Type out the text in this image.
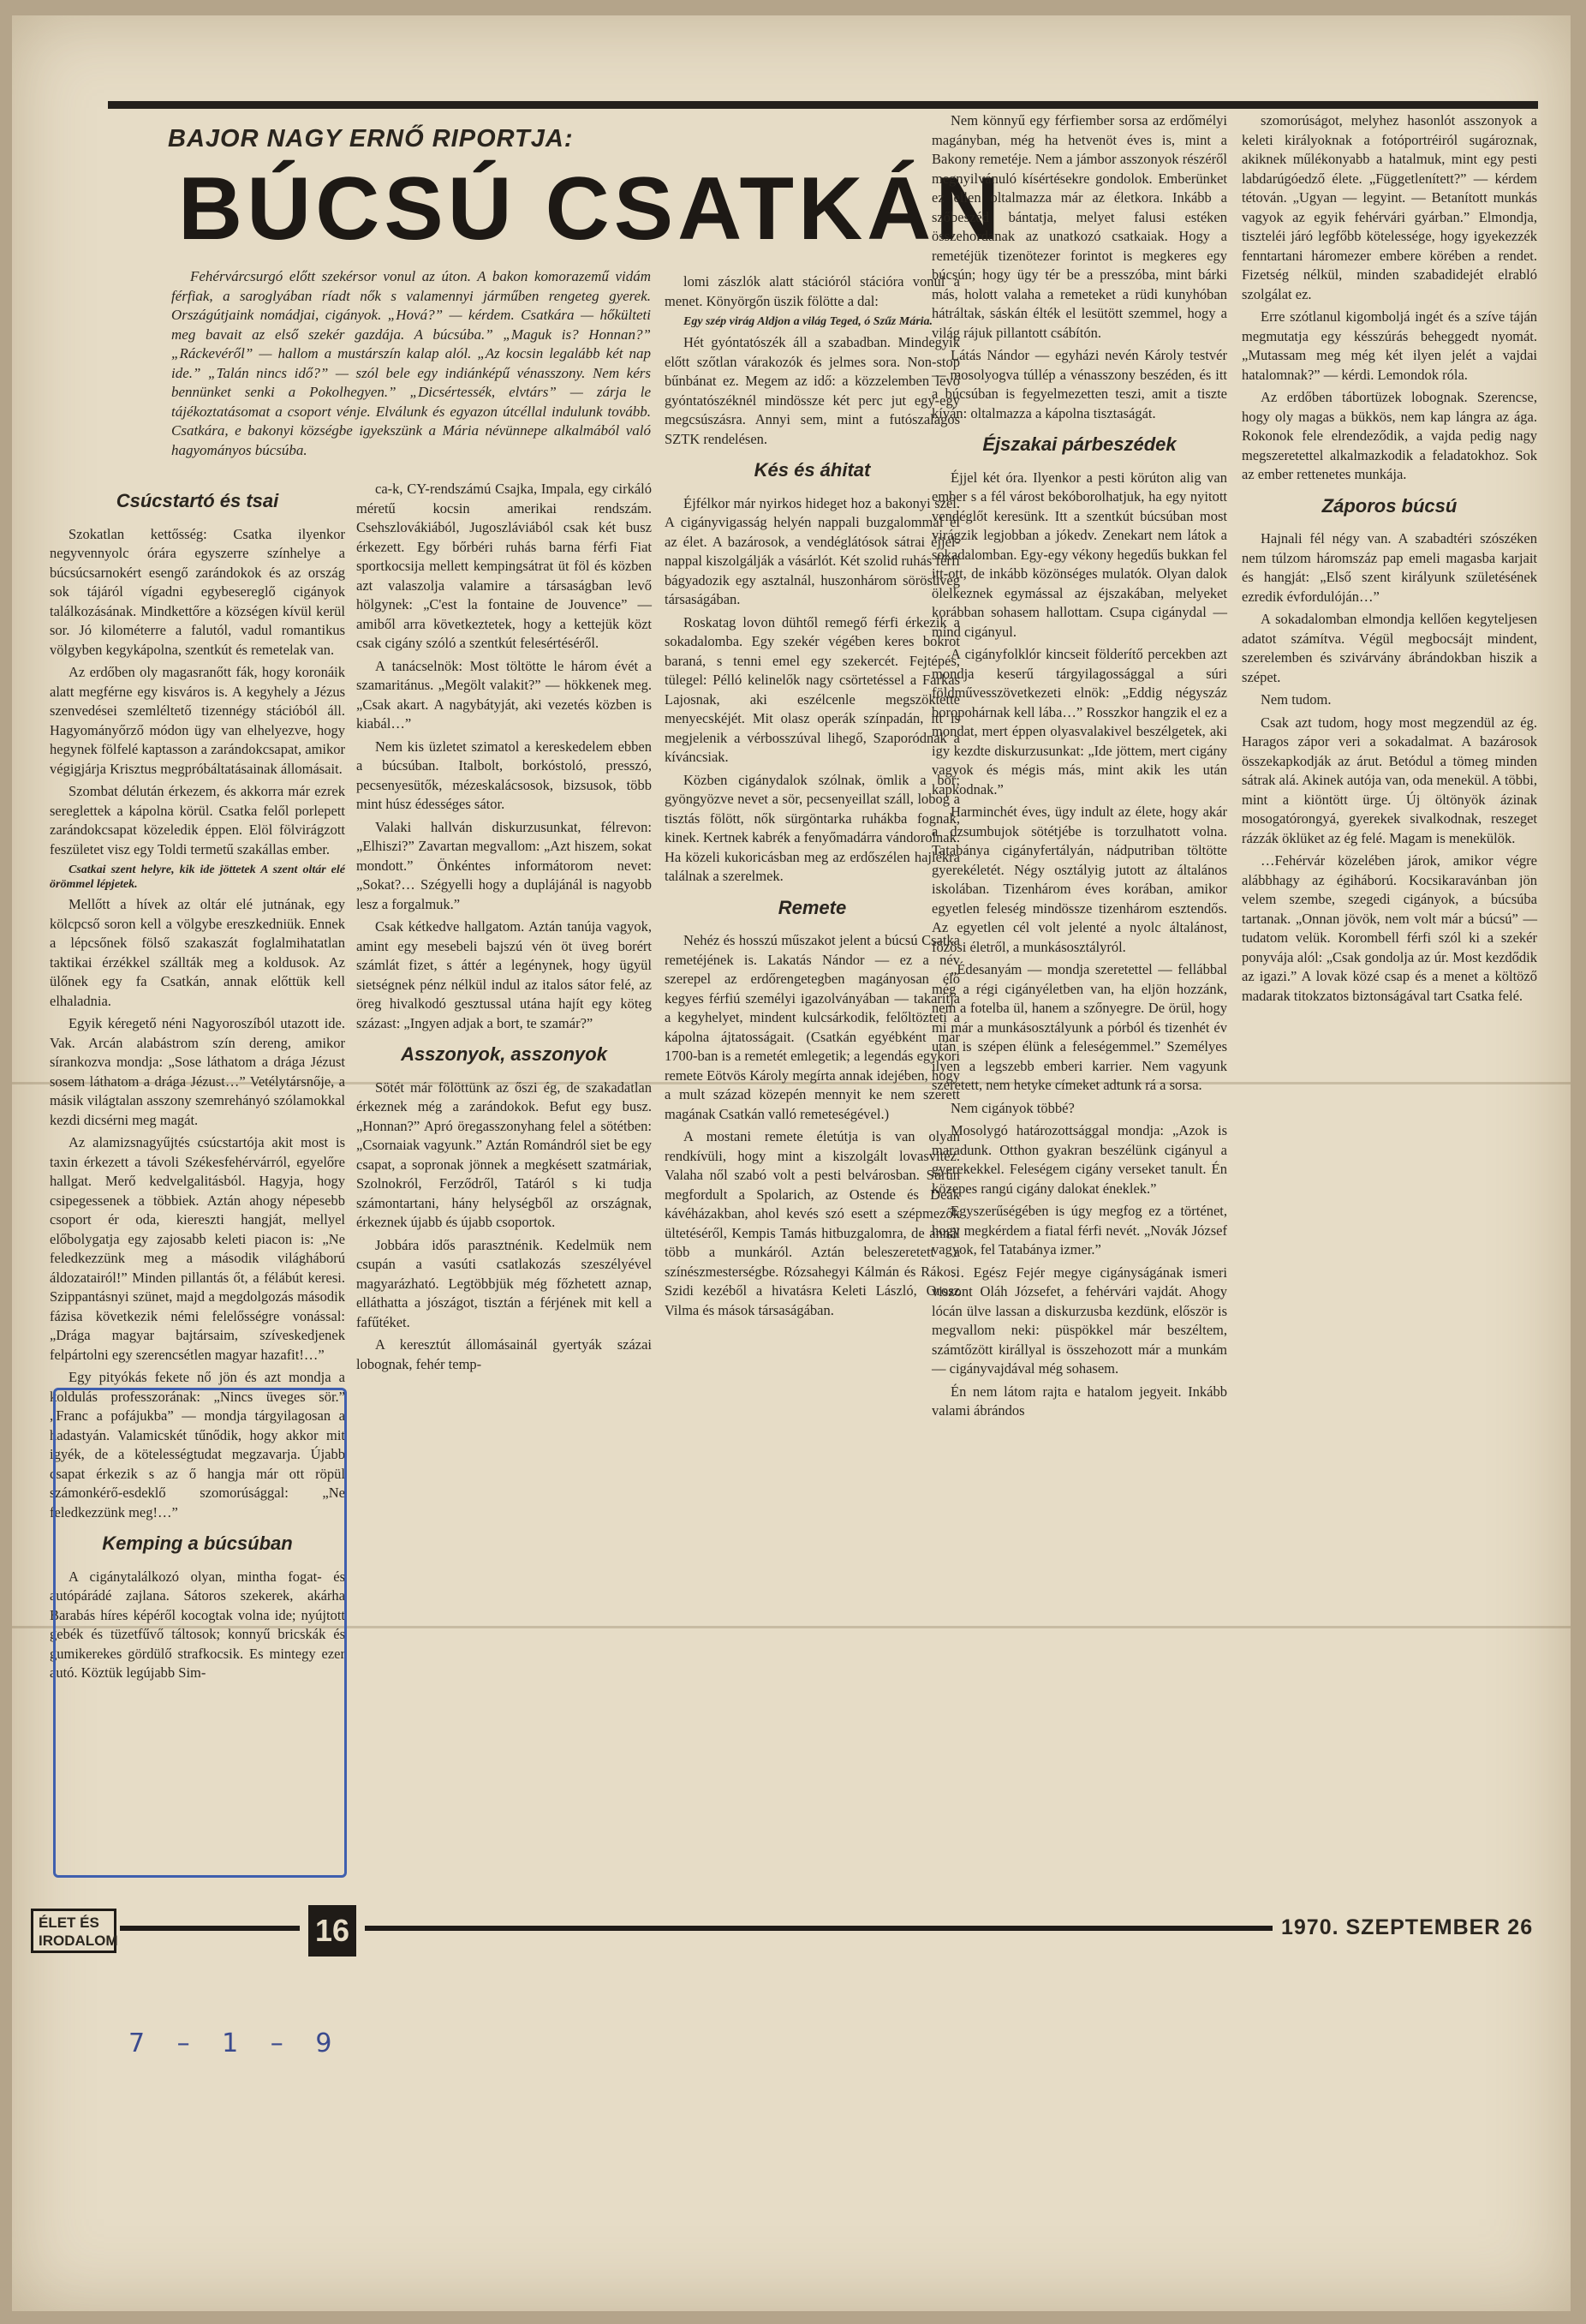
BAJOR NAGY ERNŐ RIPORTJA:
BÚCSÚ CSATKÁN

Fehérvárcsurgó előtt szekérsor vonul az úton. A bakon komorazemű vidám férfiak, a saroglyában ríadt nők s valamennyi járműben rengeteg gyerek. Országútjaink nomádjai, cigányok. „Hová?” — kérdem. Csatkára — hőkülteti meg bavait az első szekér gazdája. A búcsúba.” „Maguk is? Honnan?” „Ráckevéről” — hallom a mustárszín kalap alól. „Az kocsin legalább két nap ide.” „Talán nincs idő?” — szól bele egy indiánképű vénasszony. Nem kérs bennünket senki a Pokolhegyen.” „Dicsértessék, elvtárs” — zárja le tájékoztatásomat a csoport vénje. Elválunk és egyazon útcéllal indulunk tovább. Csatkára, e bakonyi községbe igyekszünk a Mária névünnepe alkalmából való hagyományos búcsúba.

Csúcstartó és tsai

Szokatlan kettősség: Csatka ilyenkor negyvennyolc órára egyszerre színhelye a búcsúcsarnokért esengő zarándokok és az ország sok tájáról vígadni egybesereglő cigányok találkozásának. Mindkettőre a községen kívül kerül sor. Jó kilométerre a falutól, vadul romantikus völgyben kegykápolna, szentkút és remetelak van.

Az erdőben oly magasranőtt fák, hogy koronáik alatt megférne egy kisváros is. A kegyhely a Jézus szenvedései szemléltető tizennégy stációból áll. Hagyományőrző módon ügy van elhelyezve, hogy hegynek fölfelé kaptasson a zarándokcsapat, amikor végigjárja Krisztus megpróbáltatásainak állomásait.

Szombat délután érkezem, és akkorra már ezrek sereglettek a kápolna körül. Csatka felől porlepett zarándokcsapat közeledik éppen. Elöl fölvirágzott feszületet visz egy Toldi termetű szakállas ember.

Csatkai szent helyre, kik ide jöttetek A szent oltár elé örömmel lépjetek.

Mellőtt a hívek az oltár elé jutnának, egy kölcpcső soron kell a völgybe ereszkedniük. Ennek a lépcsőnek fölső szakaszát foglalmihatatlan taktikai érzékkel szállták meg a koldusok. Az ülőnek egy fa Csatkán, annak előttük kell elhaladnia.

Egyik kéregető néni Nagyoroszíból utazott ide. Vak. Arcán alabástrom szín dereng, amikor sírankozva mondja: „Sose láthatom a drága Jézust sosem láthatom a drága Jézust…” Vetélytársnője, a másik világtalan asszony szemrehányó szólamokkal kezdi dicsérni meg magát.

Az alamizsnagyűjtés csúcstartója akit most is taxin érkezett a távoli Székesfehérvárról, egyelőre hallgat. Merő kedvelgalitásból. Hagyja, hogy csipegessenek a többiek. Aztán ahogy népesebb csoport ér oda, kiereszti hangját, mellyel előbolygatja egy zajosabb keleti piacon is: „Ne feledkezzünk meg a második világháború áldozatairól!” Minden pillantás őt, a félábút keresi. Szippantásnyi szünet, majd a megdolgozás második fázisa következik némi felelősségre vonással: „Drága magyar bajtársaim, szíveskedjenek felpártolni egy szerencsétlen magyar hazafit!…”

Egy pityókás fekete nő jön és azt mondja a koldulás professzorának: „Nincs üveges sör.” „Franc a pofájukba” — mondja tárgyilagosan a hadastyán. Valamicskét tűnődik, hogy akkor mit igyék, de a kötelességtudat megzavarja. Újabb csapat érkezik s az ő hangja már ott röpül számonkérő-esdeklő szomorúsággal: „Ne feledkezzünk meg!…”

Kemping a búcsúban

A cigánytalálkozó olyan, mintha fogat- és autópárádé zajlana. Sátoros szekerek, akárha Barabás híres képéről kocogtak volna ide; nyújtott gebék és tüzetfűvő táltosok; konnyű bricskák és gumikerekes gördülő strafkocsik. Es mintegy ezer autó. Köztük legújabb Sim-

ca-k, CY-rendszámú Csajka, Impala, egy cirkáló méretű kocsin amerikai rendszám. Csehszlovákiából, Jugoszláviából csak két busz érkezett. Egy bőrbéri ruhás barna férfi Fiat sportkocsija mellett kempingsátrat üt föl és közben azt valaszolja valamire a társaságban levő hölgynek: „C'est la fontaine de Jouvence” — amiből arra következtetek, hogy a kettejük közt csak cigány szóló a szentkút felesértéséről.

A tanácselnök: Most töltötte le három évét a szamaritánus. „Megölt valakit?” — hökkenek meg. „Csak akart. A nagybátyját, aki vezetés közben is kiabál…”

Nem kis üzletet szimatol a kereskedelem ebben a búcsúban. Italbolt, borkóstoló, presszó, pecsenyesütők, mézeskalácsosok, bizsusok, több mint húsz édességes sátor.

Valaki hallván diskurzusunkat, félrevon: „Elhiszi?” Zavartan megvallom: „Azt hiszem, sokat mondott.” Önkéntes informátorom nevet: „Sokat?… Szégyelli hogy a duplájánál is nagyobb lesz a forgalmuk.”

Csak kétkedve hallgatom. Aztán tanúja vagyok, amint egy mesebeli bajszú vén öt üveg borért számlát fizet, s áttér a legénynek, hogy ügyül sietségnek pénz nélkül indul az italos sátor felé, az öreg hivalkodó gesztussal utána hajít egy köteg százast: „Ingyen adjak a bort, te szamár?”

Asszonyok, asszonyok

Sötét már fölöttünk az őszi ég, de szakadatlan érkeznek még a zarándokok. Befut egy busz. „Honnan?” Apró öregasszonyhang felel a sötétben: „Csornaiak vagyunk.” Aztán Romándról siet be egy csapat, a sopronak jönnek a megkésett szatmáriak, Szolnokról, Ferződről, Tatáról s ki tudja számontartani, hány helységből az országnak, érkeznek újabb és újabb csoportok.

Jobbára idős parasztnénik. Kedelmük nem csupán a vasúti csatlakozás szeszélyével magyarázható. Legtöbbjük még főzhetett aznap, elláthatta a jószágot, tisztán a férjének mit kell a fafűtéket.

A keresztút állomásainál gyertyák százai lobognak, fehér temp-

lomi zászlók alatt stációról stációra vonul a menet. Könyörgőn üszik fölötte a dal:

Egy szép virág Aldjon a világ Teged, ó Szűz Mária.

Hét gyóntatószék áll a szabadban. Mindegyik előtt szőtlan várakozók és jelmes sora. Non-stop bűnbánat ez. Megem az idő: a közzelemben levő gyóntatószéknél mindössze két perc jut egy-egy megcsúszásra. Annyi sem, mint a futószalagos SZTK rendelésen.

Kés és áhitat

Éjfélkor már nyirkos hideget hoz a bakonyi szél. A cigányvigasság helyén nappali buzgalommal él az élet. A bazárosok, a vendéglátósok sátrai éjjel-nappal kiszolgálják a vásárlót. Két szolid ruhás férfi bágyadozik egy asztalnál, huszonhárom sörösüveg társaságában.

Roskatag lovon dühtől remegő férfi érkezik a sokadalomba. Egy szekér végében keres bokrot baraná, s tenni emel egy szekercét. Fejtépés, tülegel: Pélló kelinelők nagy csörtetéssel a Farkas Lajosnak, aki eszélcenle megszöktette menyecskéjét. Mit olasz operák színpadán, itt is megjelenik a vérbosszúval lihegő, Szaporódnak a kíváncsiak.

Közben cigánydalok szólnak, ömlik a bor; gyöngyözve nevet a sör, pecsenyeillat száll, lobog a tisztás fölött, nők sürgöntarka ruhákba fognak, kinek. Kertnek kabrék a fenyőmadárra vándorolnak. Ha közeli kukoricásban meg az erdőszélen hajlékra találnak a szerelmek.

Remete

Nehéz és hosszú műszakot jelent a búcsú Csatka remetéjének is. Lakatás Nándor — ez a név szerepel az erdőrengetegben magányosan élő kegyes férfiú személyi igazolványában — takarítja a kegyhelyet, mindent kulcsárkodik, felőltözteti a kápolna ájtatosságait. (Csatkán egyébként már 1700-ban is a remetét emlegetik; a legendás egykori remete Eötvös Károly megírta annak idejében, hogy a mult század közepén mennyit ke nem szerett magának Csatkán valló remeteségével.)

A mostani remete életútja is van olyan rendkívüli, hogy mint a kiszolgált lovasvitéz. Valaha nől szabó volt a pesti belvárosban. Sűrűn megfordult a Spolarich, az Ostende és Deák kávéházakban, ahol kevés szó esett a szépmezők ültetéséről, Kempis Tamás hitbuzgalomra, de annál több a munkáról. Aztán beleszeretett a színészmesterségbe. Rózsahegyi Kálmán és Rákosi Szidi kezéből a hivatásra Keleti László, Orosz Vilma és mások társaságában.

Nem könnyű egy férfiember sorsa az erdőmélyi magányban, még ha hetvenöt éves is, mint a Bakony remetéje. Nem a jámbor asszonyok részéről megnyilvánuló kísértésekre gondolok. Emberünket ez ellen oltalmazza már az életkora. Inkább a szőbeszéd bántatja, melyet falusi estéken összehordanak az unatkozó csatkaiak. Hogy a remetéjük tizenötezer forintot is megkeres egy búcsún; hogy ügy tér be a presszóba, mint bárki más, holott valaha a remeteket a rüdi kunyhóban hátráltak, sáskán élték el lesütött szemmel, hogy a világ rájuk pillantott csábítón.

Látás Nándor — egyházi nevén Károly testvér — mosolyogva túllép a vénasszony beszéden, és itt a búcsúban is fegyelmezetten teszi, amit a tiszte kíván: oltalmazza a kápolna tisztaságát.

Éjszakai párbeszédek

Éjjel két óra. Ilyenkor a pesti körúton alig van ember s a fél várost bekóborolhatjuk, ha egy nyitott vendéglőt keresünk. Itt a szentkút búcsúban most virágzik legjobban a jókedv. Zenekart nem látok a sokadalomban. Egy-egy vékony hegedűs bukkan fel itt-ott, de inkább közönséges mulatók. Olyan dalok ölelkeznek egymással az éjszakában, melyeket korábban sohasem hallottam. Csupa cigánydal — mind cigányul.

A cigányfolklór kincseit földerítő percekben azt mondja keserű tárgyilagossággal a súri földművesszövetkezeti elnök: „Eddig négyszáz boropohárnak kell lába…” Rosszkor hangzik el ez a mondat, mert éppen olyasvalakivel beszélgetek, aki igy kezdte diskurzusunkat: „Ide jöttem, mert cigány vagyok és mégis más, mint akik les után kapkodnak.”

Harminchét éves, ügy indult az élete, hogy akár a dzsumbujok sötétjébe is torzulhatott volna. Tatabánya cigányfertályán, nádputriban töltötte gyerekéletét. Négy osztályig jutott az általános iskolában. Tizenhárom éves korában, amikor egyetlen feleség mindössze tizenhárom esztendős. Az egyetlen cél volt jelenté a nyolc általánost, főzősi életről, a munkásosztályról.

„Édesanyám — mondja szeretettel — fellábbal még a régi cigányéletben van, ha eljön hozzánk, nem a fotelba ül, hanem a szőnyegre. De örül, hogy mi már a munkásosztályunk a pórból és tizenhét év után is szépen élünk a feleségemmel.” Személyes ilyen a legszebb emberi karrier. Nem vagyunk szeretett, nem hetyke címeket adtunk rá a sorsa.

Nem cigányok többé?

Mosolygó határozottsággal mondja: „Azok is maradunk. Otthon gyakran beszélünk cigányul a gyerekekkel. Feleségem cigány verseket tanult. Én közepes rangú cigány dalokat éneklek.”

Egyszerűségében is úgy megfog ez a történet, hogy megkérdem a fiatal férfi nevét. „Novák József vagyok, fel Tatabánya izmer.”

… Egész Fejér megye cigányságának ismeri viszont Oláh Józsefet, a fehérvári vajdát. Ahogy lócán ülve lassan a diskurzusba kezdünk, először is megvallom neki: püspökkel már beszéltem, számtőzött királlyal is összehozott már a munkám — cigányvajdával még sohasem.

Én nem látom rajta e hatalom jegyeit. Inkább valami ábrándos

szomorúságot, melyhez hasonlót asszonyok a keleti királyoknak a fotóportréiról sugároznak, akiknek műlékonyabb a hatalmuk, mint egy pesti labdarúgóedző élete. „Függetlenített?” — kérdem tétován. „Ugyan — legyint. — Betanított munkás vagyok az egyik fehérvári gyárban.” Elmondja, tiszteléi járó legfőbb kötelessége, hogy igyekezzék fenntartani háromezer embere körében a rendet. Fizetség nélkül, minden szabadidejét elrabló szolgálat ez.

Erre szótlanul kigomboljá ingét és a szíve táján megmutatja egy késszúrás beheggedt nyomát. „Mutassam meg még két ilyen jelét a vajdai hatalomnak?” — kérdi. Lemondok róla.

Az erdőben tábortüzek lobognak. Szerencse, hogy oly magas a bükkös, nem kap lángra az ága. Rokonok fele elrendeződik, a vajda pedig nagy megszeretettel alkalmazkodik a feladatokhoz. Sok az ember rettenetes munkája.

Záporos búcsú

Hajnali fél négy van. A szabadtéri szószéken nem túlzom háromszáz pap emeli magasba karjait és hangját: „Első szent királyunk születésének ezredik évfordulóján…”

A sokadalomban elmondja kellően kegyteljesen adatot számítva. Végül megbocsájt mindent, szerelemben és szivárvány ábrándokban hiszik a szépet.

Nem tudom.

Csak azt tudom, hogy most megzendül az ég. Haragos zápor veri a sokadalmat. A bazárosok összekapkodják az árut. Betódul a tömeg minden sátrak alá. Akinek autója van, oda menekül. A többi, mint a kiöntött ürge. Új öltönyök ázinak mosogatórongyá, gyerekek sivalkodnak, reszeget rázzák öklüket az ég felé. Magam is menekülök.

…Fehérvár közelében járok, amikor végre alábbhagy az égiháború. Kocsikaravánban jön velem szembe, szegedi cigányok, a búcsúba tartanak. „Onnan jövök, nem volt már a búcsú” — tudatom velük. Korombell férfi szól ki a szekér ponyvája alól: „Csak gondolja az úr. Most kezdődik az igazi.” A lovak közé csap és a menet a költöző madarak titokzatos biztonságával tart Csatka felé.

ÉLET ÉS
IRODALOM	16	1970. SZEPTEMBER 26
7 – 1 – 9
